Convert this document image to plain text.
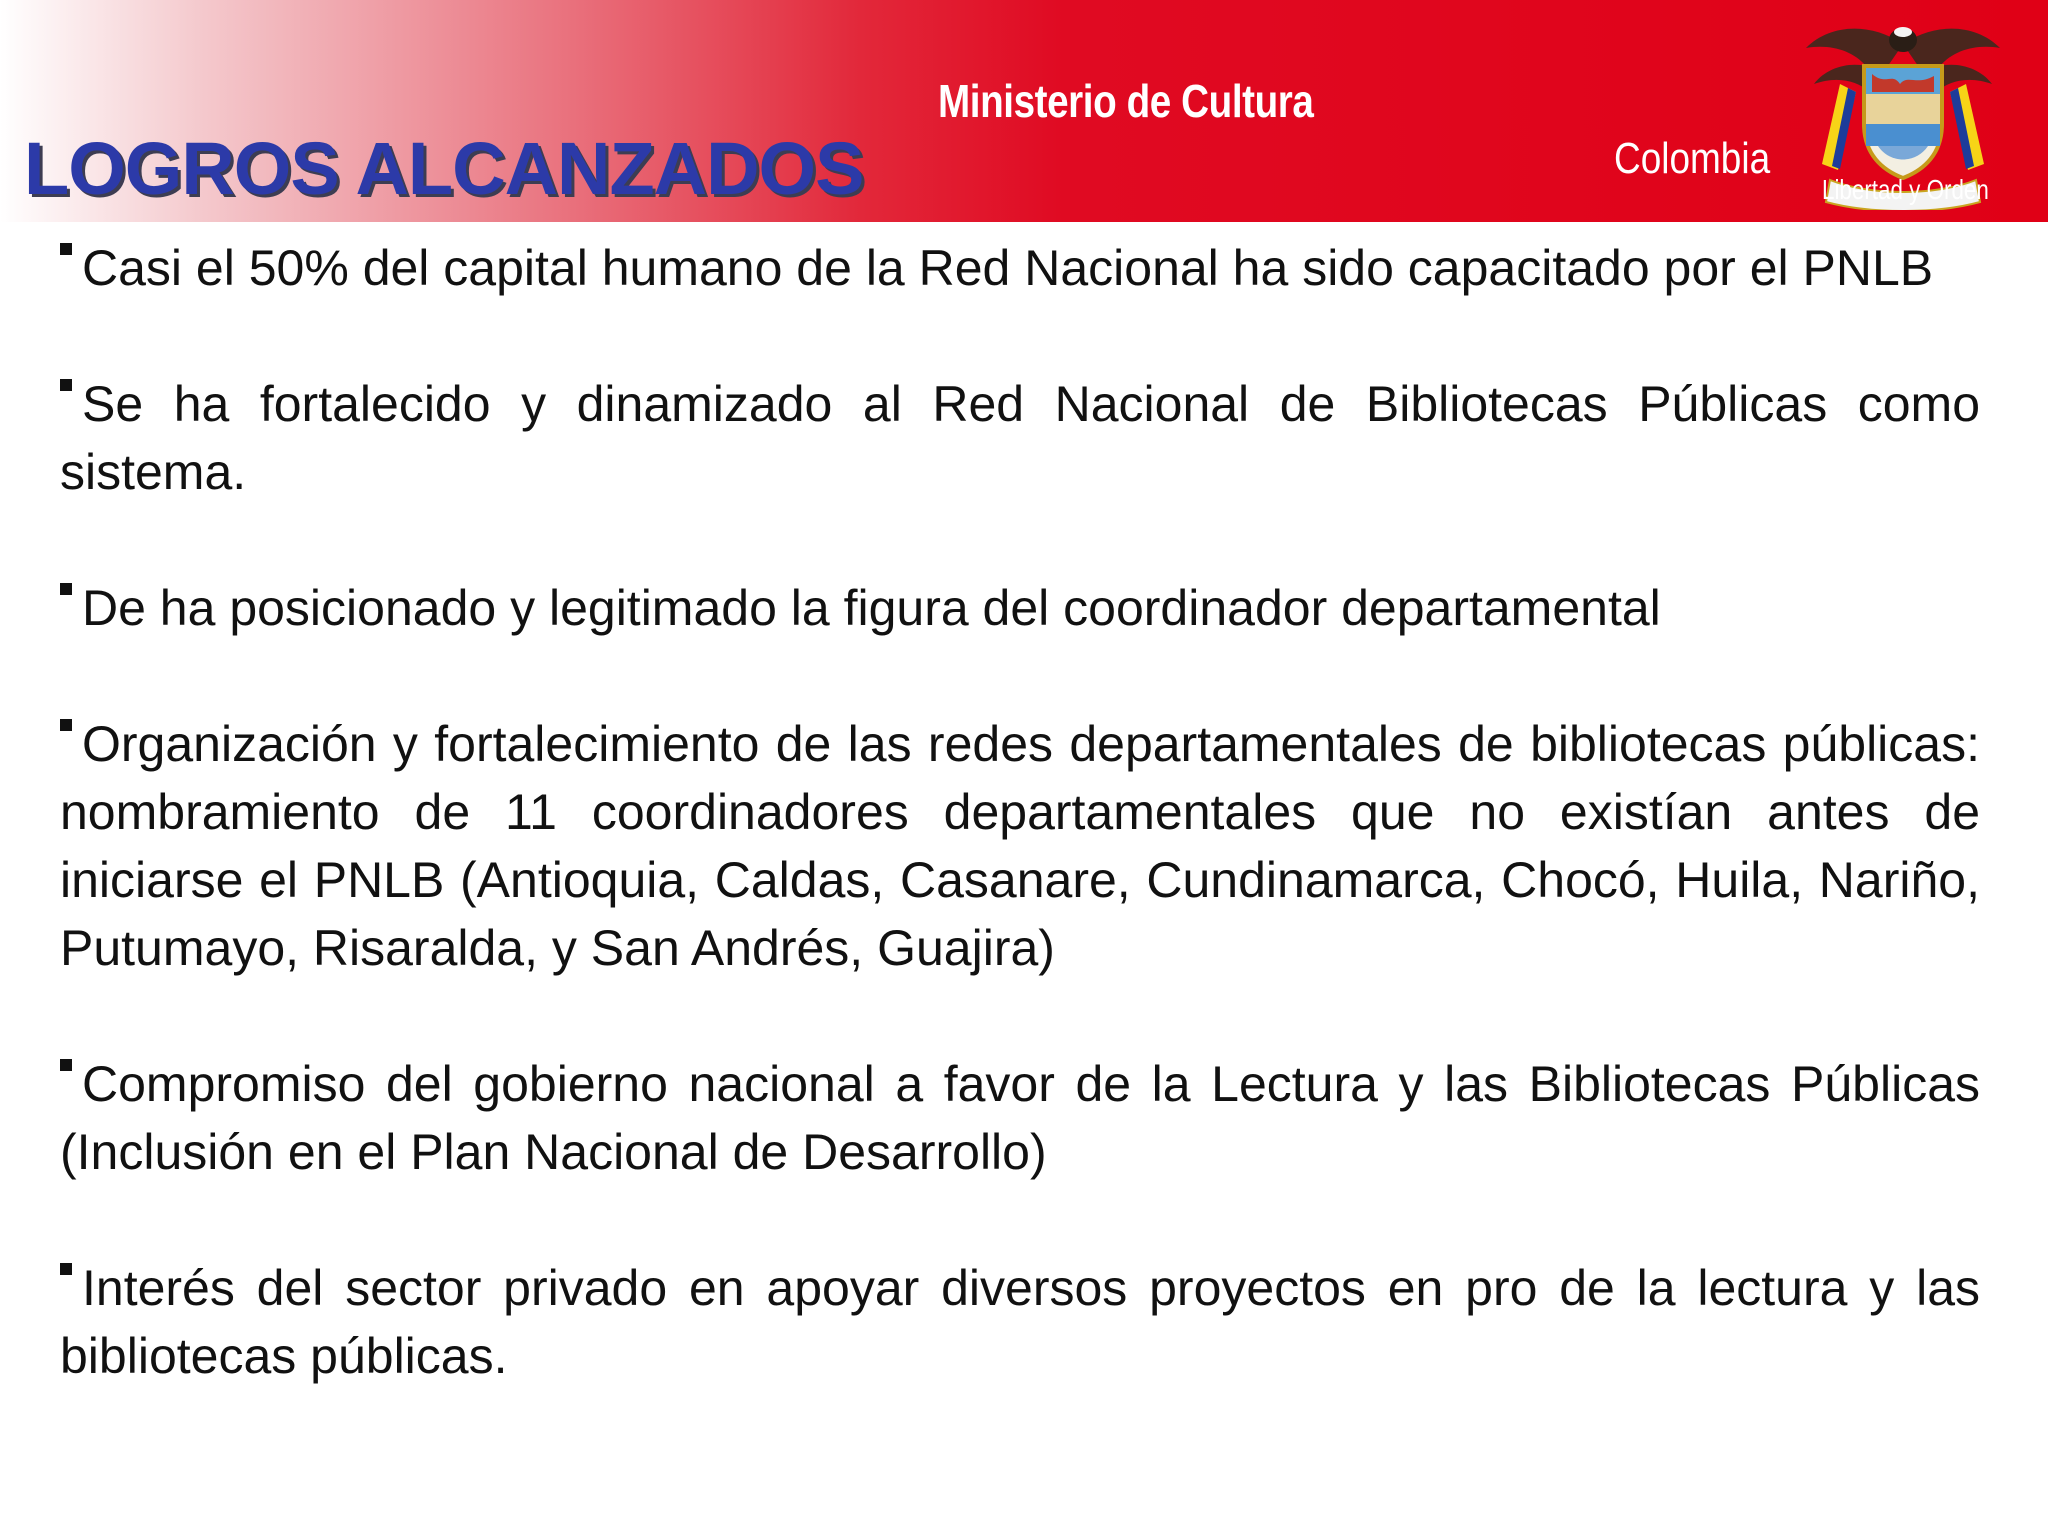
Ministerio de Cultura
Colombia
LOGROS ALCANZADOS	Libertad y Orden

Casi el 50% del capital humano de la Red Nacional ha sido capacitado por el PNLB

Se ha fortalecido y dinamizado al Red Nacional de Bibliotecas Públicas como sistema.

De ha posicionado y legitimado la figura del coordinador departamental

Organización y fortalecimiento de las redes departamentales de bibliotecas públicas: nombramiento de 11 coordinadores departamentales que no existían antes de iniciarse el PNLB (Antioquia, Caldas, Casanare, Cundinamarca, Chocó, Huila, Nariño, Putumayo, Risaralda, y San Andrés, Guajira)

Compromiso del gobierno nacional a favor de la Lectura y las Bibliotecas Públicas (Inclusión en el Plan Nacional de Desarrollo)

Interés del sector privado en apoyar diversos proyectos en pro de la lectura y las bibliotecas públicas.
